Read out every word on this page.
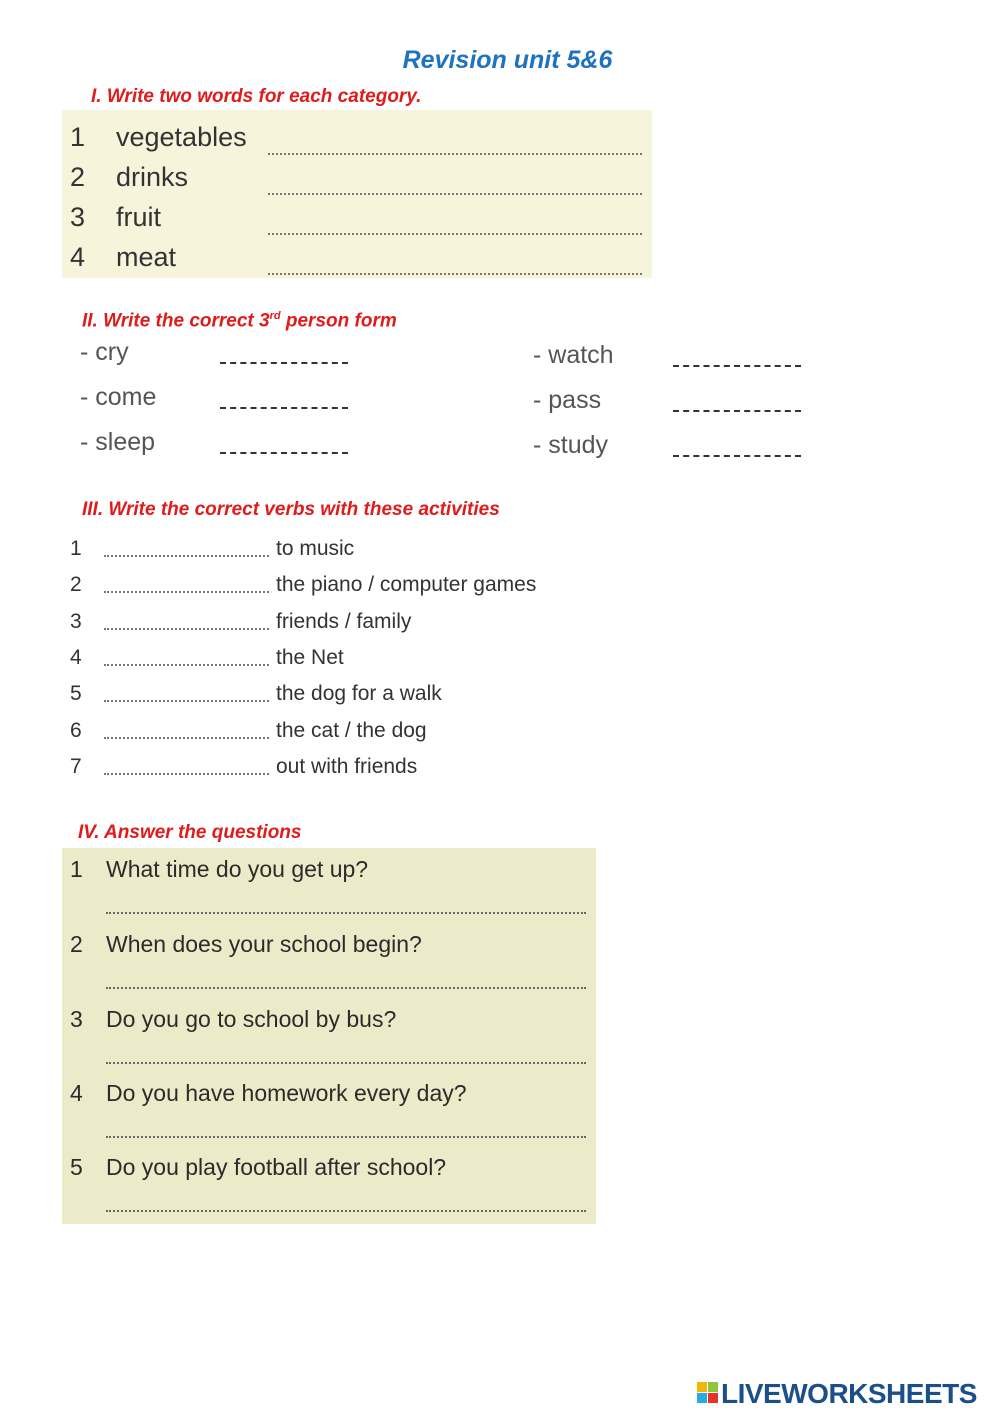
Revision unit 5&6
I. Write two words for each category.
1 vegetables
2 drinks
3 fruit
4 meat
II. Write the correct 3rd person form
- cry
- come
- sleep
- watch
- pass
- study
III. Write the correct verbs with these activities
1	to music
2	the piano / computer games
3	friends / family
4	the Net
5	the dog for a walk
6	the cat / the dog
7	out with friends
IV. Answer the questions
1 What time do you get up?
2 When does your school begin?
3 Do you go to school by bus?
4 Do you have homework every day?
5 Do you play football after school?
LIVEWORKSHEETS
